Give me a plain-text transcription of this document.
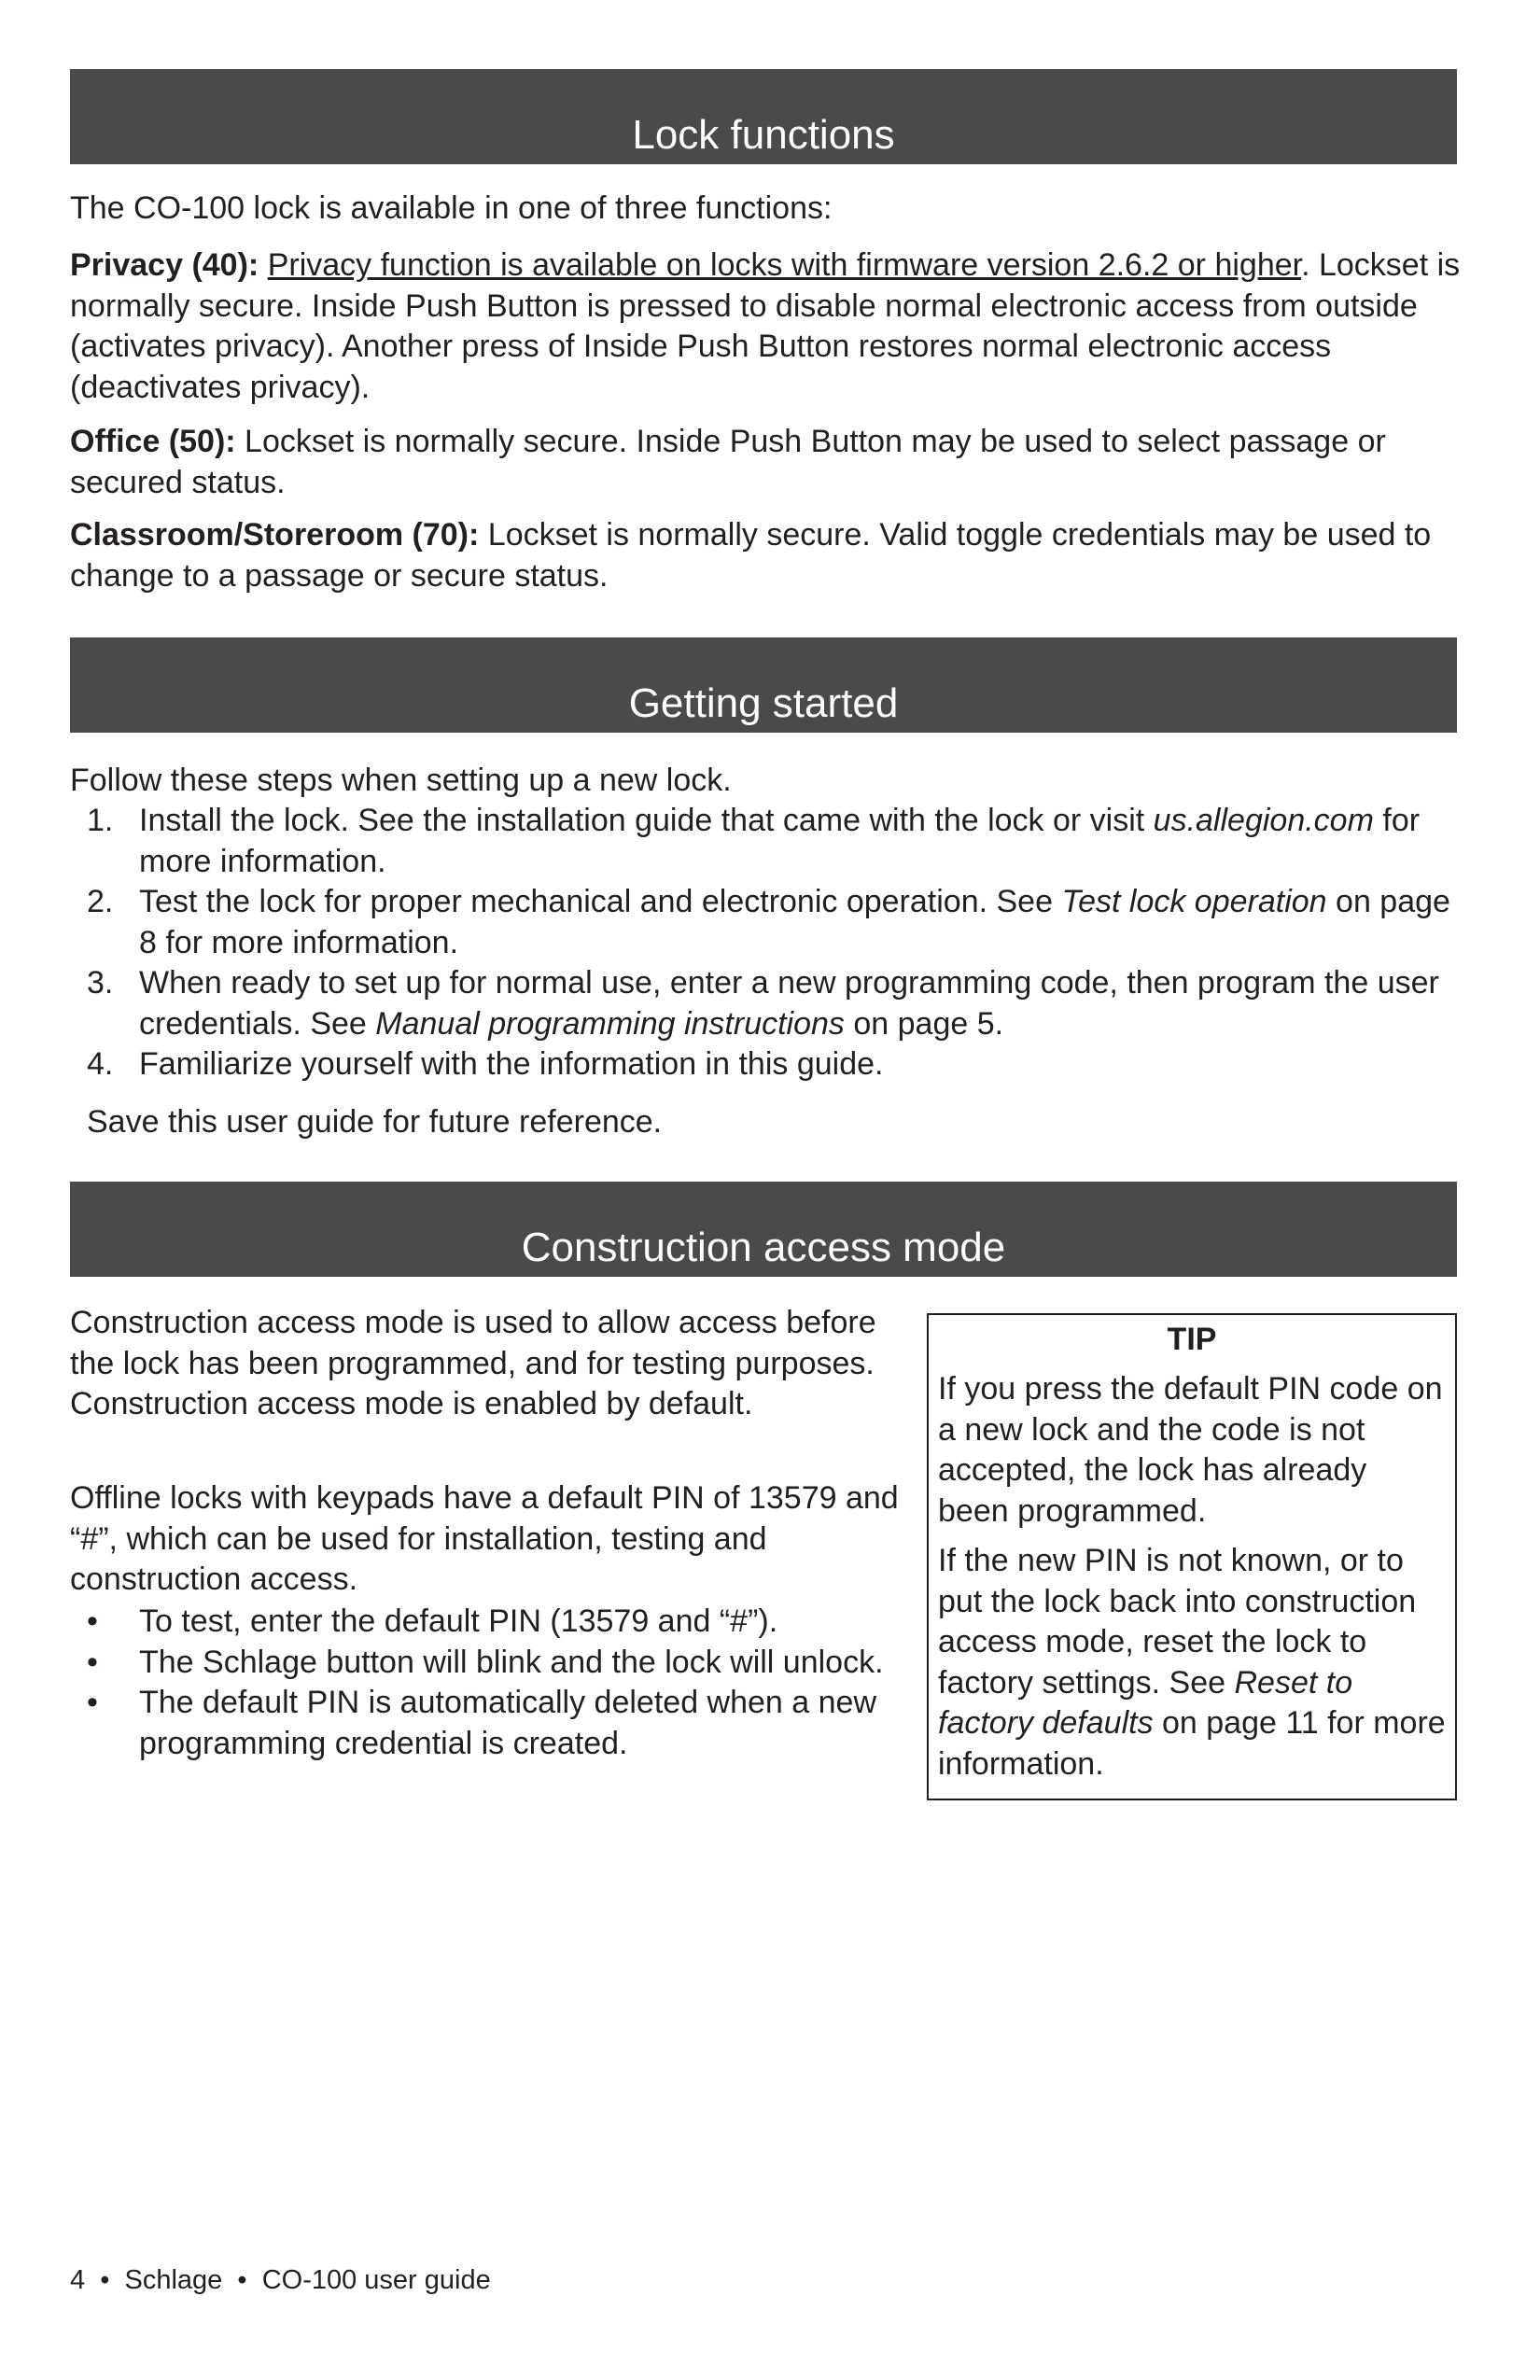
Lock functions

The CO-100 lock is available in one of three functions:

Privacy (40): Privacy function is available on locks with firmware version 2.6.2 or higher. Lockset is normally secure. Inside Push Button is pressed to disable normal electronic access from outside (activates privacy). Another press of Inside Push Button restores normal electronic access (deactivates privacy).

Office (50): Lockset is normally secure. Inside Push Button may be used to select passage or secured status.

Classroom/Storeroom (70): Lockset is normally secure. Valid toggle credentials may be used to change to a passage or secure status.

Getting started

Follow these steps when setting up a new lock.

1. Install the lock. See the installation guide that came with the lock or visit us.allegion.com for more information.
2. Test the lock for proper mechanical and electronic operation. See Test lock operation on page 8 for more information.
3. When ready to set up for normal use, enter a new programming code, then program the user credentials. See Manual programming instructions on page 5.
4. Familiarize yourself with the information in this guide.

Save this user guide for future reference.

Construction access mode

Construction access mode is used to allow access before the lock has been programmed, and for testing purposes. Construction access mode is enabled by default.

Offline locks with keypads have a default PIN of 13579 and “#”, which can be used for installation, testing and construction access.

• To test, enter the default PIN (13579 and “#”).
• The Schlage button will blink and the lock will unlock.
• The default PIN is automatically deleted when a new programming credential is created.
TIP

If you press the default PIN code on a new lock and the code is not accepted, the lock has already been programmed.

If the new PIN is not known, or to put the lock back into construction access mode, reset the lock to factory settings. See Reset to factory defaults on page 11 for more information.

4  •  Schlage  •  CO-100 user guide
